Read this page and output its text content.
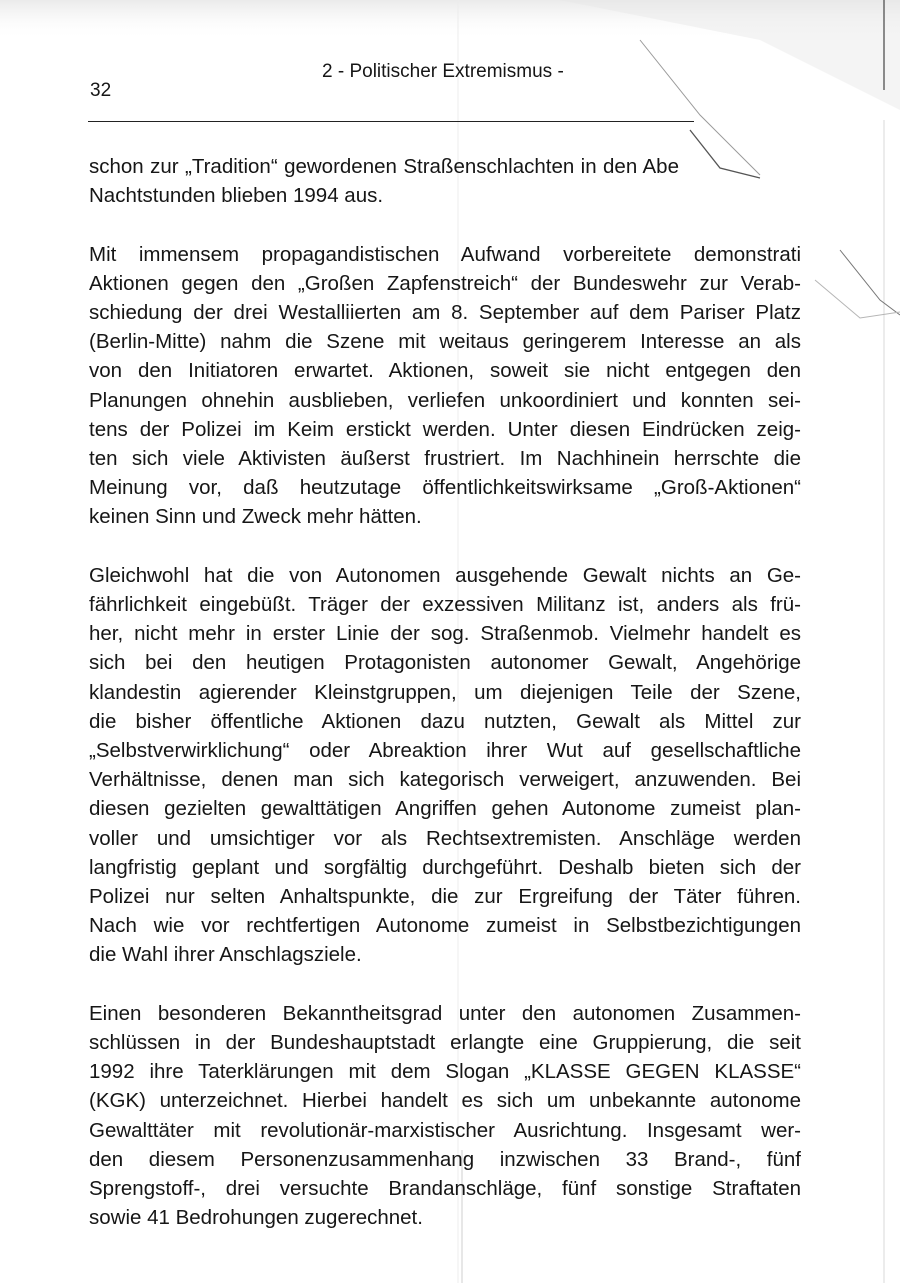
2 - Politischer Extremismus -
32

schon zur „Tradition“ gewordenen Straßenschlachten in den Abe
Nachtstunden blieben 1994 aus.

Mit immensem propagandistischen Aufwand vorbereitete demonstrati
Aktionen gegen den „Großen Zapfenstreich“ der Bundeswehr zur Verab-
schiedung der drei Westalliierten am 8. September auf dem Pariser Platz
(Berlin-Mitte) nahm die Szene mit weitaus geringerem Interesse an als
von den Initiatoren erwartet. Aktionen, soweit sie nicht entgegen den
Planungen ohnehin ausblieben, verliefen unkoordiniert und konnten sei-
tens der Polizei im Keim erstickt werden. Unter diesen Eindrücken zeig-
ten sich viele Aktivisten äußerst frustriert. Im Nachhinein herrschte die
Meinung vor, daß heutzutage öffentlichkeitswirksame „Groß-Aktionen“
keinen Sinn und Zweck mehr hätten.

Gleichwohl hat die von Autonomen ausgehende Gewalt nichts an Ge-
fährlichkeit eingebüßt. Träger der exzessiven Militanz ist, anders als frü-
her, nicht mehr in erster Linie der sog. Straßenmob. Vielmehr handelt es
sich bei den heutigen Protagonisten autonomer Gewalt, Angehörige
klandestin agierender Kleinstgruppen, um diejenigen Teile der Szene,
die bisher öffentliche Aktionen dazu nutzten, Gewalt als Mittel zur
„Selbstverwirklichung“ oder Abreaktion ihrer Wut auf gesellschaftliche
Verhältnisse, denen man sich kategorisch verweigert, anzuwenden. Bei
diesen gezielten gewalttätigen Angriffen gehen Autonome zumeist plan-
voller und umsichtiger vor als Rechtsextremisten. Anschläge werden
langfristig geplant und sorgfältig durchgeführt. Deshalb bieten sich der
Polizei nur selten Anhaltspunkte, die zur Ergreifung der Täter führen.
Nach wie vor rechtfertigen Autonome zumeist in Selbstbezichtigungen
die Wahl ihrer Anschlagsziele.

Einen besonderen Bekanntheitsgrad unter den autonomen Zusammen-
schlüssen in der Bundeshauptstadt erlangte eine Gruppierung, die seit
1992 ihre Taterklärungen mit dem Slogan „KLASSE GEGEN KLASSE“
(KGK) unterzeichnet. Hierbei handelt es sich um unbekannte autonome
Gewalttäter mit revolutionär-marxistischer Ausrichtung. Insgesamt wer-
den diesem Personenzusammenhang inzwischen 33 Brand-, fünf
Sprengstoff-, drei versuchte Brandanschläge, fünf sonstige Straftaten
sowie 41 Bedrohungen zugerechnet.
